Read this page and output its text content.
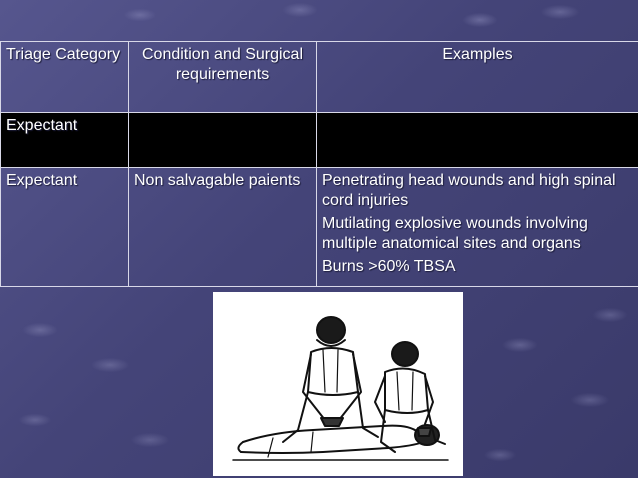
Triage Category	Condition and Surgical requirements	Examples
Expectant		
Expectant	Non salvagable paients	Penetrating head wounds and high spinal cord injuries
Mutilating explosive wounds involving multiple anatomical sites and organs
Burns >60% TBSA
